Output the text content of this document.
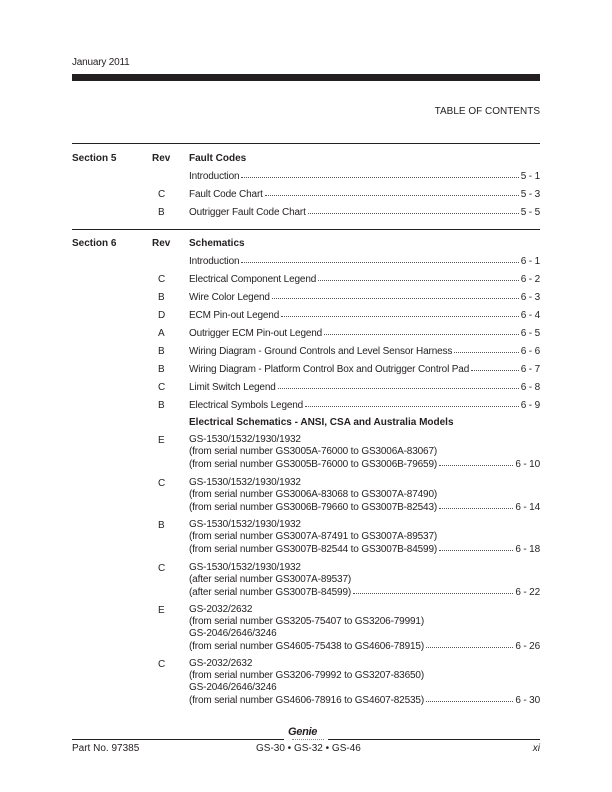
January 2011
TABLE OF CONTENTS
Section 5	Rev Fault Codes
Introduction	5 - 1
C Fault Code Chart	5 - 3
B	Outrigger Fault Code Chart	5 - 5
Section 6	Rev Schematics
Introduction	6 - 1
C Electrical Component Legend	6 - 2
B	Wire Color Legend	6 - 3
D ECM Pin-out Legend	6 - 4
A	Outrigger ECM Pin-out Legend	6 - 5
B	Wiring Diagram - Ground Controls and Level Sensor Harness	6 - 6
B	Wiring Diagram - Platform Control Box and Outrigger Control Pad	6 - 7
C Limit Switch Legend	6 - 8
B	Electrical Symbols Legend	6 - 9
Electrical Schematics - ANSI, CSA and Australia Models
E	GS-1530/1532/1930/1932
(from serial number GS3005A-76000 to GS3006A-83067)
(from serial number GS3005B-76000 to GS3006B-79659)	6 - 10
C GS-1530/1532/1930/1932
(from serial number GS3006A-83068 to GS3007A-87490)
(from serial number GS3006B-79660 to GS3007B-82543)	6 - 14
B	GS-1530/1532/1930/1932
(from serial number GS3007A-87491 to GS3007A-89537)
(from serial number GS3007B-82544 to GS3007B-84599)	6 - 18
C GS-1530/1532/1930/1932
(after serial number GS3007A-89537)
(after serial number GS3007B-84599)	6 - 22
E	GS-2032/2632
(from serial number GS3205-75407 to GS3206-79991)
GS-2046/2646/3246
(from serial number GS4605-75438 to GS4606-78915)	6 - 26
C GS-2032/2632
(from serial number GS3206-79992 to GS3207-83650)
GS-2046/2646/3246
(from serial number GS4606-78916 to GS4607-82535)	6 - 30
Genie
Part No. 97385	GS-30 • GS-32 • GS-46	xi
